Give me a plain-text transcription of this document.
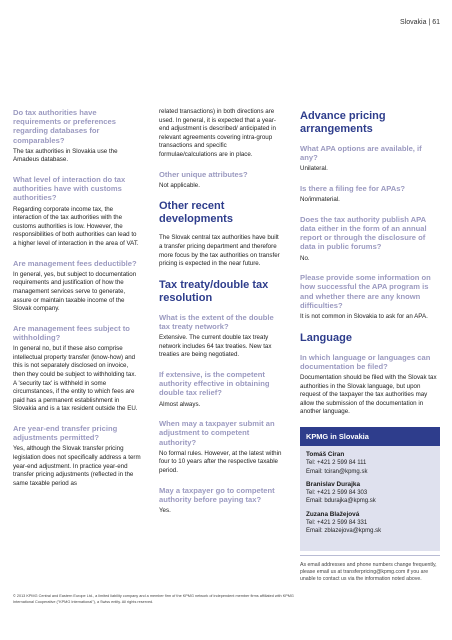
Slovakia | 61
Do tax authorities have requirements or preferences regarding databases for comparables?
The tax authorities in Slovakia use the Amadeus database.
What level of interaction do tax authorities have with customs authorities?
Regarding corporate income tax, the interaction of the tax authorities with the customs authorities is low. However, the responsibilities of both authorities can lead to a higher level of interaction in the area of VAT.
Are management fees deductible?
In general, yes, but subject to documentation requirements and justification of how the management services serve to generate, assure or maintain taxable income of the Slovak company.
Are management fees subject to withholding?
In general no, but if these also comprise intellectual property transfer (know-how) and this is not separately disclosed on invoice, then they could be subject to withholding tax. A 'security tax' is withheld in some circumstances, if the entity to which fees are paid has a permanent establishment in Slovakia and is a tax resident outside the EU.
Are year-end transfer pricing adjustments permitted?
Yes, although the Slovak transfer pricing legislation does not specifically address a term year-end adjustment. In practice year-end transfer pricing adjustments (reflected in the same taxable period as
related transactions) in both directions are used. In general, it is expected that a year-end adjustment is described/ anticipated in relevant agreements covering intra-group transactions and specific formulae/calculations are in place.
Other unique attributes?
Not applicable.
Other recent developments
The Slovak central tax authorities have built a transfer pricing department and therefore more focus by the tax authorities on transfer pricing is expected in the near future.
Tax treaty/double tax resolution
What is the extent of the double tax treaty network?
Extensive. The current double tax treaty network includes 64 tax treaties. New tax treaties are being negotiated.
If extensive, is the competent authority effective in obtaining double tax relief?
Almost always.
When may a taxpayer submit an adjustment to competent authority?
No formal rules. However, at the latest within four to 10 years after the respective taxable period.
May a taxpayer go to competent authority before paying tax?
Yes.
Advance pricing arrangements
What APA options are available, if any?
Unilateral.
Is there a filing fee for APAs?
No/immaterial.
Does the tax authority publish APA data either in the form of an annual report or through the disclosure of data in public forums?
No.
Please provide some information on how successful the APA program is and whether there are any known difficulties?
It is not common in Slovakia to ask for an APA.
Language
In which language or languages can documentation be filed?
Documentation should be filed with the Slovak tax authorities in the Slovak language, but upon request of the taxpayer the tax authorities may allow the submission of the documentation in another language.
KPMG in Slovakia
Tomáš Ciran
Tel: +421 2 599 84 111
Email: tciran@kpmg.sk
Branislav Durajka
Tel: +421 2 599 84 303
Email: bdurajka@kpmg.sk
Zuzana Blažejová
Tel: +421 2 599 84 331
Email: zblazejova@kpmg.sk
As email addresses and phone numbers change frequently, please email us at transferpricing@kpmg.com if you are unable to contact us via the information noted above.
© 2013 KPMG Central and Eastern Europe Ltd., a limited liability company and a member firm of the KPMG network of independent member firms affiliated with KPMG International Cooperative ("KPMG International"), a Swiss entity. All rights reserved.
